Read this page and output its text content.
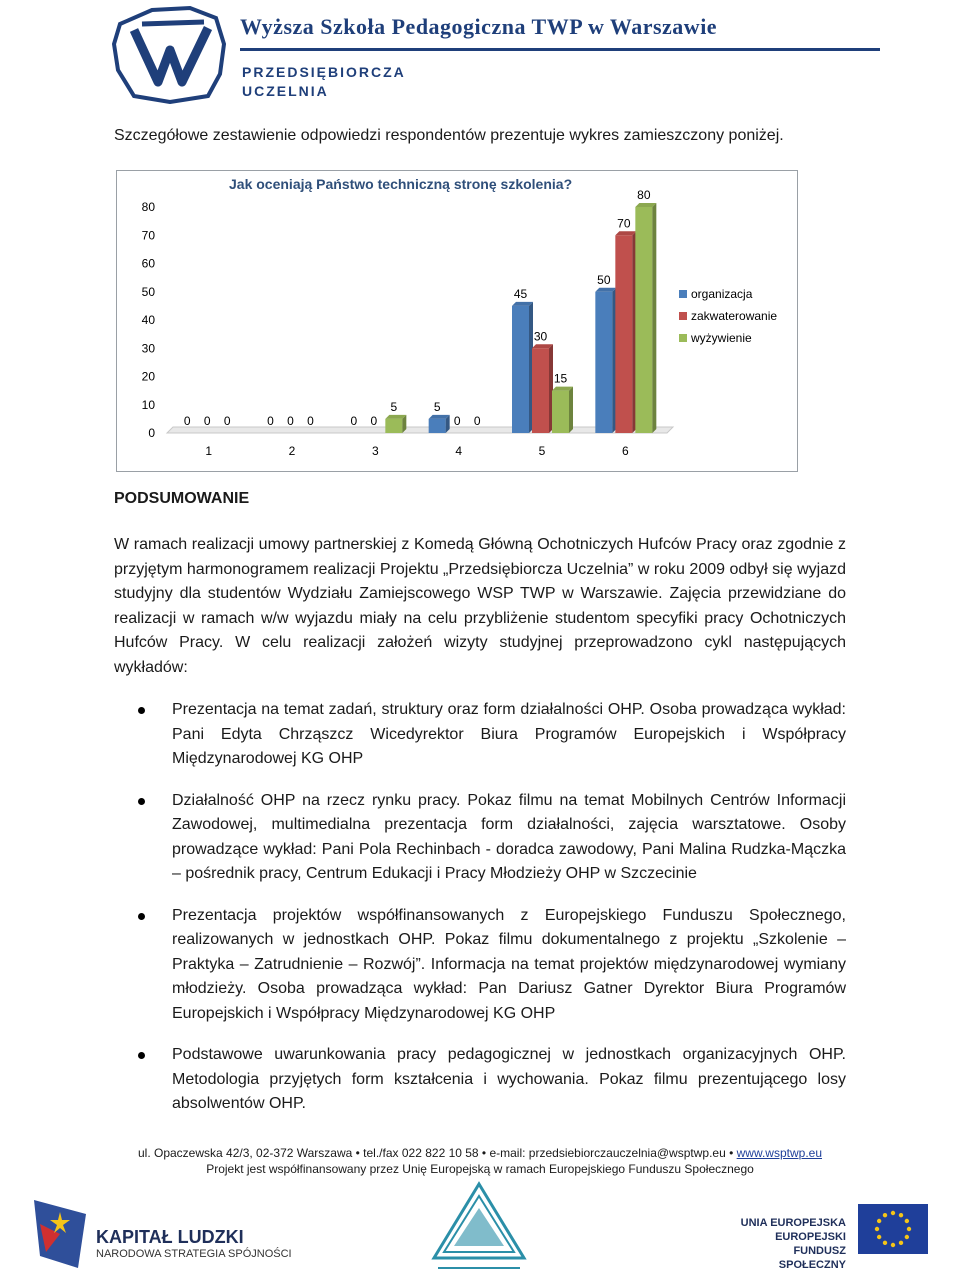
Wyższa Szkoła Pedagogiczna TWP w Warszawie
PRZEDSIĘBIORCZA
UCZELNIA
Szczegółowe zestawienie odpowiedzi respondentów prezentuje wykres zamieszczony poniżej.
Jak oceniają Państwo techniczną stronę szkolenia?
0
10
20
30
40
50
60
70
80
0 0 0
1
0 0 0
2
0 0
5
3
5
0 0
4
45
30
15
5
50
70
80
6
organizacja
zakwaterowanie
wyżywienie
PODSUMOWANIE
W ramach realizacji umowy partnerskiej z Komedą Główną Ochotniczych Hufców Pracy oraz zgodnie z przyjętym harmonogramem realizacji Projektu „Przedsiębiorcza Uczelnia” w roku 2009 odbył się wyjazd studyjny dla studentów Wydziału Zamiejscowego WSP TWP w Warszawie. Zajęcia przewidziane do realizacji w ramach w/w wyjazdu miały na celu przybliżenie studentom specyfiki pracy Ochotniczych Hufców Pracy. W celu realizacji założeń wizyty studyjnej przeprowadzono cykl następujących wykładów:
Prezentacja na temat zadań, struktury oraz form działalności OHP. Osoba prowadząca wykład: Pani Edyta Chrząszcz Wicedyrektor Biura Programów Europejskich i Współpracy Międzynarodowej KG OHP
Działalność OHP na rzecz rynku pracy. Pokaz filmu na temat Mobilnych Centrów Informacji Zawodowej, multimedialna prezentacja form działalności, zajęcia warsztatowe. Osoby prowadzące wykład: Pani Pola Rechinbach - doradca zawodowy, Pani Malina Rudzka-Mączka – pośrednik pracy, Centrum Edukacji i Pracy Młodzieży OHP w Szczecinie
Prezentacja projektów współfinansowanych z Europejskiego Funduszu Społecznego, realizowanych w jednostkach OHP. Pokaz filmu dokumentalnego z projektu „Szkolenie – Praktyka – Zatrudnienie – Rozwój”. Informacja na temat projektów międzynarodowej wymiany młodzieży. Osoba prowadząca wykład: Pan Dariusz Gatner Dyrektor Biura Programów Europejskich i Współpracy Międzynarodowej KG OHP
Podstawowe uwarunkowania pracy pedagogicznej w jednostkach organizacyjnych OHP. Metodologia przyjętych form kształcenia i wychowania. Pokaz filmu prezentującego losy absolwentów OHP.
ul. Opaczewska 42/3, 02-372 Warszawa • tel./fax 022 822 10 58 • e-mail: przedsiebiorczauczelnia@wsptwp.eu • www.wsptwp.eu
Projekt jest współfinansowany przez Unię Europejską w ramach Europejskiego Funduszu Społecznego
KAPITAŁ LUDZKI
NARODOWA STRATEGIA SPÓJNOŚCI
UNIA EUROPEJSKA
EUROPEJSKI
FUNDUSZ SPOŁECZNY
